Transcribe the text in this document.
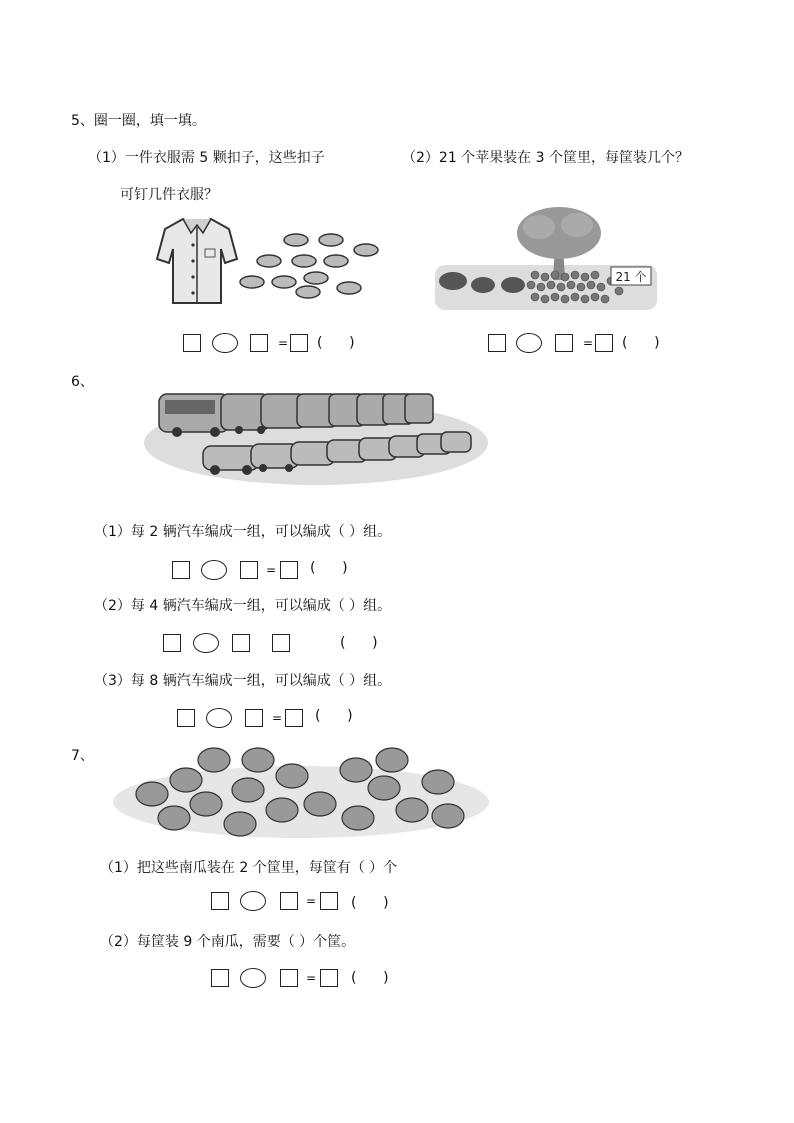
5、圈一圈，填一填。
（1）一件衣服需 5 颗扣子，这些扣子
可钉几件衣服？
（2）21 个苹果装在 3 个筐里，每筐装几个？
21 个
= (      )	= (      )
6、
（1）每 2 辆汽车编成一组，可以编成（ ）组。
= (      )
（2）每 4 辆汽车编成一组，可以编成（ ）组。
(      )
（3）每 8 辆汽车编成一组，可以编成（ ）组。
= (      )
7、
（1）把这些南瓜装在 2 个筐里，每筐有（ ）个
= (      )
（2）每筐装 9 个南瓜，需要（ ）个筐。
= (      )
